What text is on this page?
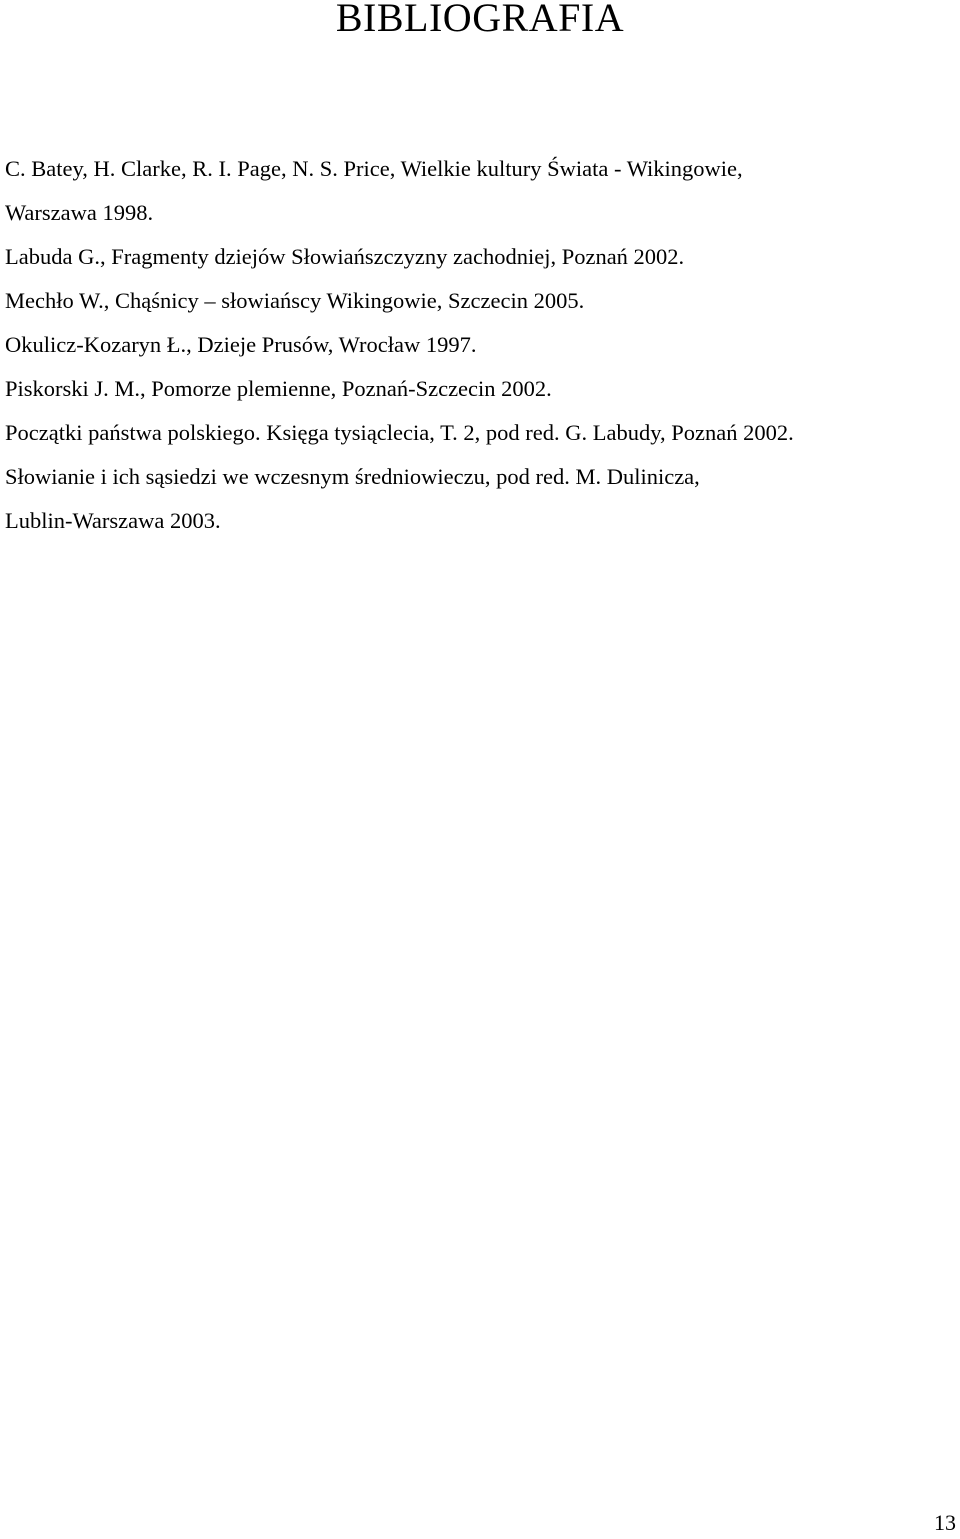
BIBLIOGRAFIA
C. Batey, H. Clarke, R. I. Page, N. S. Price, Wielkie kultury Świata - Wikingowie,
Warszawa 1998.
Labuda G., Fragmenty dziejów Słowiańszczyzny zachodniej, Poznań 2002.
Mechło W., Chąśnicy – słowiańscy Wikingowie, Szczecin 2005.
Okulicz-Kozaryn Ł., Dzieje Prusów, Wrocław 1997.
Piskorski J. M., Pomorze plemienne, Poznań-Szczecin 2002.
Początki państwa polskiego. Księga tysiąclecia, T. 2, pod red. G. Labudy, Poznań 2002.
Słowianie i ich sąsiedzi we wczesnym średniowieczu, pod red. M. Dulinicza,
Lublin-Warszawa 2003.
13
